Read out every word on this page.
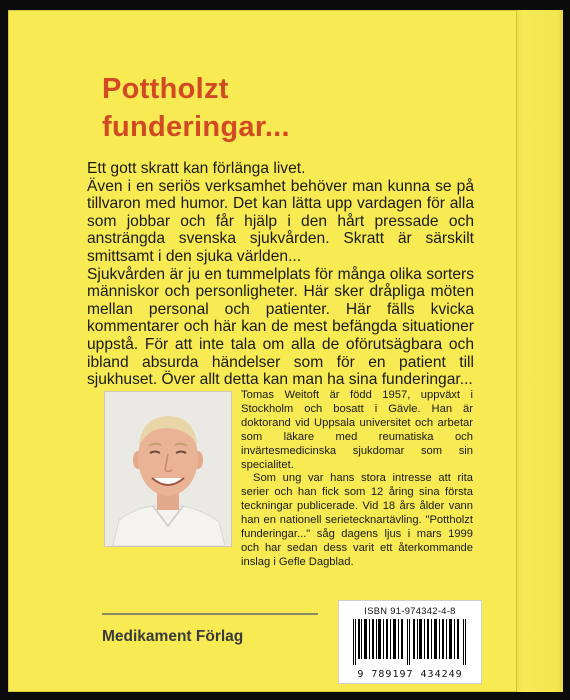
Pottholzt
funderingar...

Ett gott skratt kan förlänga livet.

Även i en seriös verksamhet behöver man kunna se på tillvaron med humor. Det kan lätta upp vardagen för alla som jobbar och får hjälp i den hårt pressade och ansträngda svenska sjukvården. Skratt är särskilt smittsamt i den sjuka världen...

Sjukvården är ju en tummelplats för många olika sorters människor och personligheter. Här sker dråpliga möten mellan personal och patienter. Här fälls kvicka kommentarer och här kan de mest befängda situationer uppstå. För att inte tala om alla de oförutsägbara och ibland absurda händelser som för en patient till sjukhuset. Över allt detta kan man ha sina funderingar...

Tomas Weitoft är född 1957, uppväxt i Stockholm och bosatt i Gävle. Han är doktorand vid Uppsala universitet och arbetar som läkare med reumatiska och invärtesmedicinska sjukdomar som sin specialitet.

Som ung var hans stora intresse att rita serier och han fick som 12 åring sina första teckningar publicerade. Vid 18 års ålder vann han en nationell serietecknartävling. "Pottholzt funderingar..." såg dagens ljus i mars 1999 och har sedan dess varit ett återkommande inslag i Gefle Dagblad.

Medikament Förlag

ISBN 91-974342-4-8
9 789197 434249
